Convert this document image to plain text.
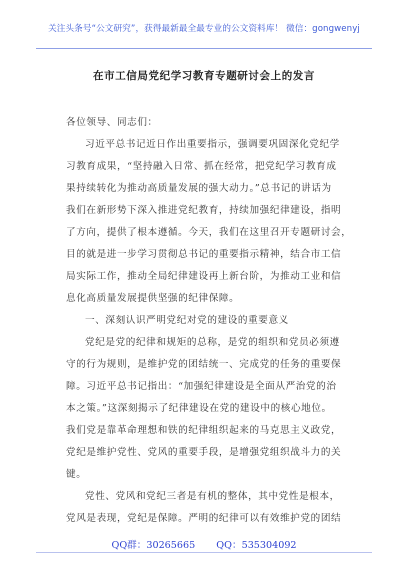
关注头条号“公文研究”，获得最新最全最专业的公文资料库！ 微信：gongwenyj
在市工信局党纪学习教育专题研讨会上的发言
各位领导、同志们：
习近平总书记近日作出重要指示，强调要巩固深化党纪学
习教育成果，“坚持融入日常、抓在经常，把党纪学习教育成
果持续转化为推动高质量发展的强大动力。”总书记的讲话为
我们在新形势下深入推进党纪教育，持续加强纪律建设，指明
了方向，提供了根本遵循。今天，我们在这里召开专题研讨会，
目的就是进一步学习贯彻总书记的重要指示精神，结合市工信
局实际工作，推动全局纪律建设再上新台阶，为推动工业和信
息化高质量发展提供坚强的纪律保障。
一、深刻认识严明党纪对党的建设的重要意义
党纪是党的纪律和规矩的总称，是党的组织和党员必须遵
守的行为规则，是维护党的团结统一、完成党的任务的重要保
障。习近平总书记指出：“加强纪律建设是全面从严治党的治
本之策。”这深刻揭示了纪律建设在党的建设中的核心地位。
我们党是靠革命理想和铁的纪律组织起来的马克思主义政党，
党纪是维护党性、党风的重要手段，是增强党组织战斗力的关
键。
党性、党风和党纪三者是有机的整体，其中党性是根本，
党风是表现，党纪是保障。严明的纪律可以有效维护党的团结
QQ群：30265665 QQ：535304092
